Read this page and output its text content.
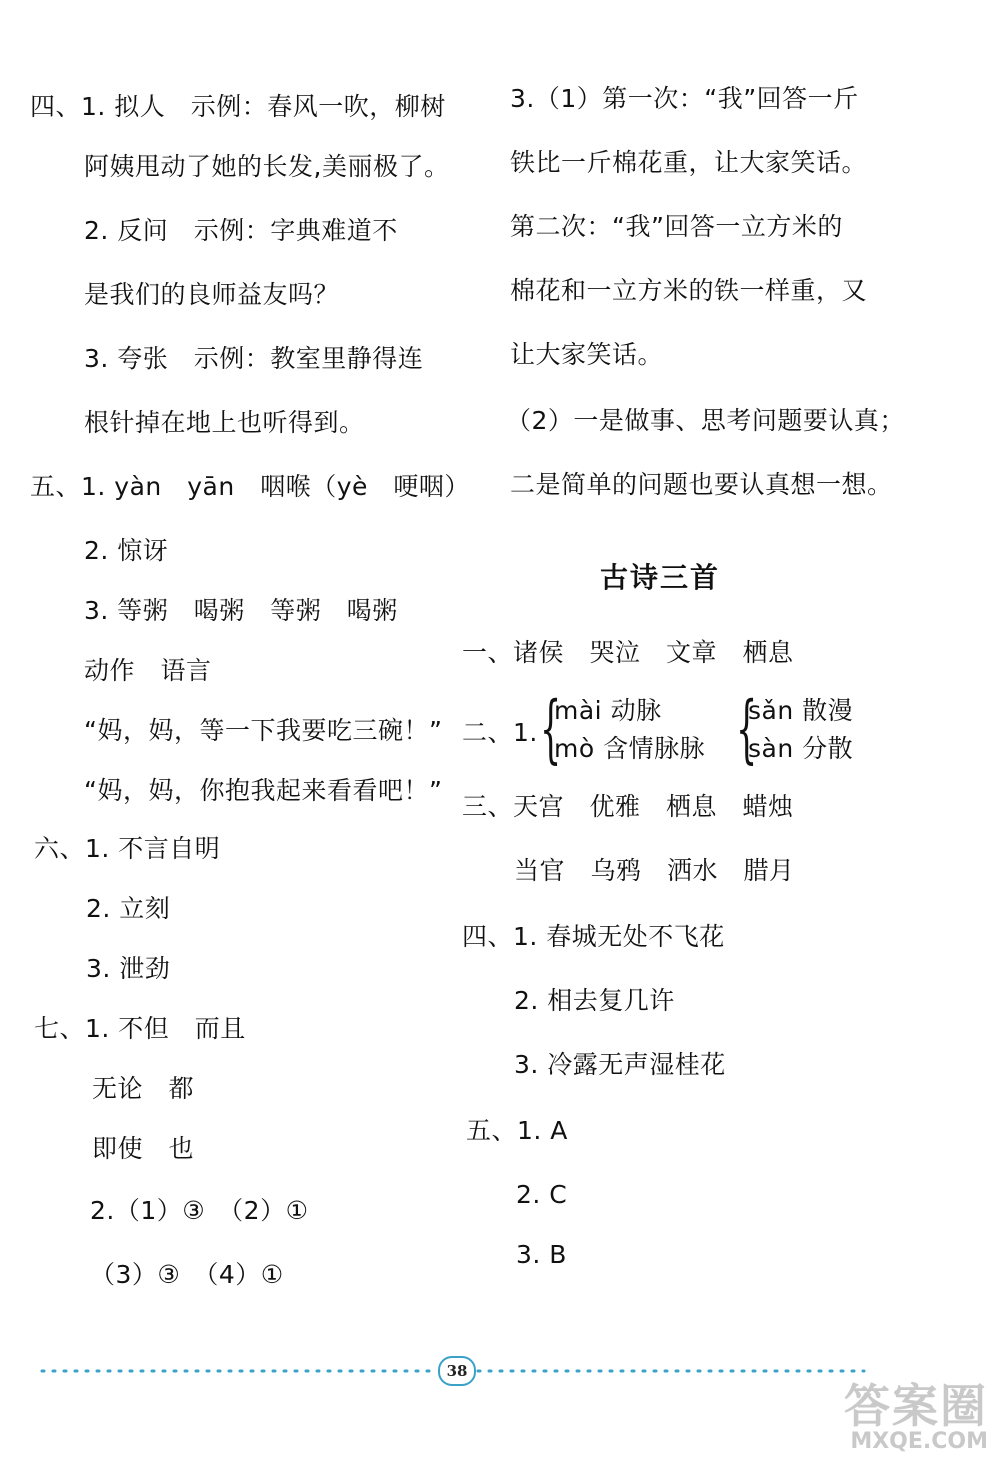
四、1. 拟人　示例：春风一吹，柳树
阿姨甩动了她的长发,美丽极了。
2. 反问　示例：字典难道不
是我们的良师益友吗？
3. 夸张　示例：教室里静得连
根针掉在地上也听得到。
五、1. yàn　yān　咽喉（yè　哽咽）
2. 惊讶
3. 等粥　喝粥　等粥　喝粥
动作　语言
“妈，妈，等一下我要吃三碗！”
“妈，妈，你抱我起来看看吧！”
六、1. 不言自明
2. 立刻
3. 泄劲
七、1. 不但　而且
无论　都
即使　也
2.（1）③　（2）①
（3）③　（4）①
3.（1）第一次：“我”回答一斤
铁比一斤棉花重，让大家笑话。
第二次：“我”回答一立方米的
棉花和一立方米的铁一样重，又
让大家笑话。
（2）一是做事、思考问题要认真；
二是简单的问题也要认真想一想。
古诗三首
一、诸侯　哭泣　文章　栖息
二、1. {
mài 动脉
mò 含情脉脉 {
sǎn 散漫
sàn 分散
三、天宫　优雅　栖息　蜡烛
当官　乌鸦　洒水　腊月
四、1. 春城无处不飞花
2. 相去复几许
3. 冷露无声湿桂花
五、1. A
2. C
3. B
38
答案圈
MXQE.COM
